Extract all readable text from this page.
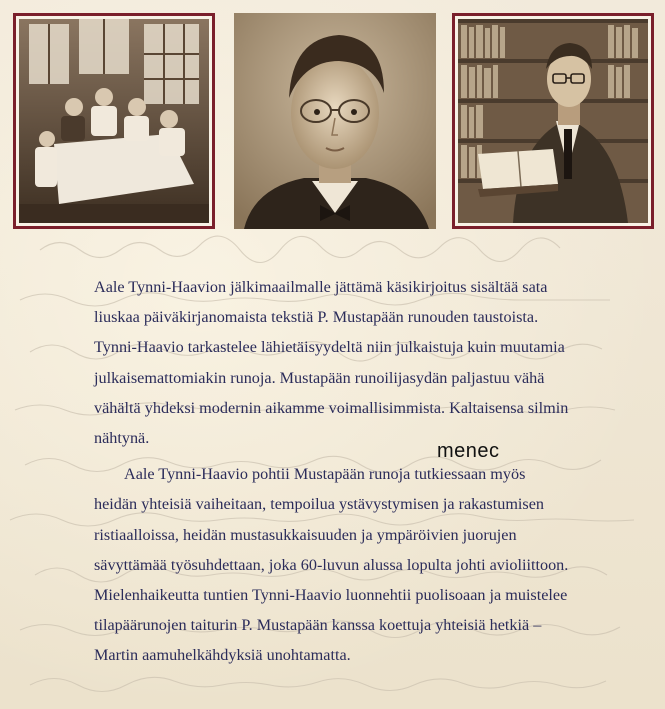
Aale Tynni-Haavion jälkimaailmalle jättämä käsikirjoitus sisältää sata
liuskaa päiväkirjanomaista tekstiä P. Mustapään runouden taustoista.
Tynni-Haavio tarkastelee lähietäisyydeltä niin julkaistuja kuin muutamia
julkaisemattomiakin runoja. Mustapään runoilijasydän paljastuu vähä
vähältä yhdeksi modernin aikamme voimallisimmista. Kaltaisensa silmin
nähtynä.

Aale Tynni-Haavio pohtii Mustapään runoja tutkiessaan myös
heidän yhteisiä vaiheitaan, tempoilua ystävystymisen ja rakastumisen
ristiaalloissa, heidän mustasukkaisuuden ja ympäröivien juorujen
sävyttämää työsuhdettaan, joka 60-luvun alussa lopulta johti avioliittoon.
Mielenhaikeutta tuntien Tynni-Haavio luonnehtii puolisoaan ja muistelee
tilapäärunojen taiturin P. Mustapään kanssa koettuja yhteisiä hetkiä –
Martin aamuhelkähdyksiä unohtamatta.

menec
